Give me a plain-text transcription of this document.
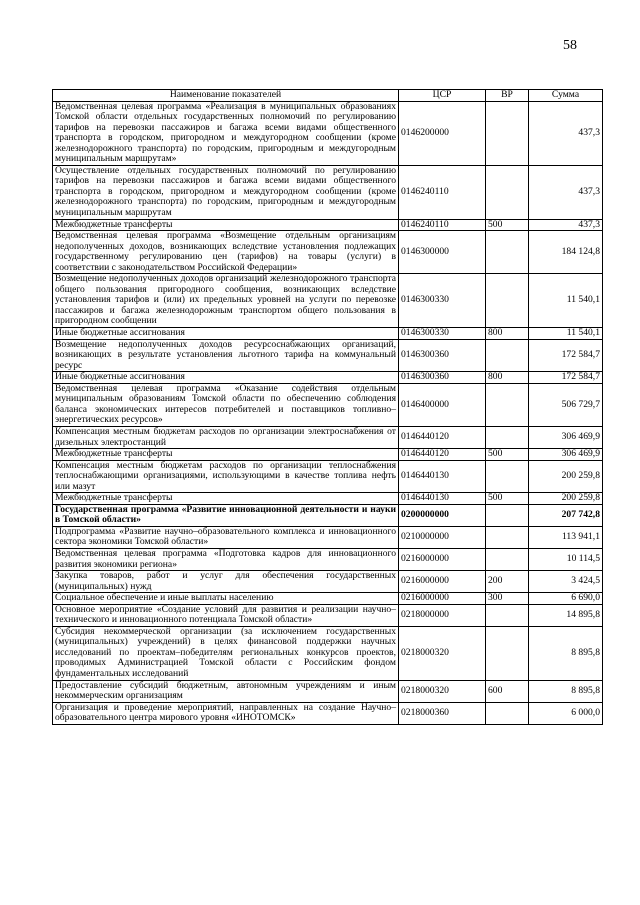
58
Наименование показателей	ЦСР	ВР	Сумма
Ведомственная целевая программа «Реализация в муниципальных образованиях Томской области отдельных государственных полномочий по регулированию тарифов на перевозки пассажиров и багажа всеми видами общественного транспорта в городском, пригородном и междугородном сообщении (кроме железнодорожного транспорта) по городским, пригородным и междугородным муниципальным маршрутам»	0146200000		437,3
Осуществление отдельных государственных полномочий по регулированию тарифов на перевозки пассажиров и багажа всеми видами общественного транспорта в городском, пригородном и междугородном сообщении (кроме железнодорожного транспорта) по городским, пригородным и междугородным муниципальным маршрутам	0146240110		437,3
Межбюджетные трансферты	0146240110	500	437,3
Ведомственная целевая программа «Возмещение отдельным организациям недополученных доходов, возникающих вследствие установления подлежащих государственному регулированию цен (тарифов) на товары (услуги) в соответствии с законодательством Российской Федерации»	0146300000		184 124,8
Возмещение недополученных доходов организаций железнодорожного транспорта общего пользования пригородного сообщения, возникающих вследствие установления тарифов и (или) их предельных уровней на услуги по перевозке пассажиров и багажа железнодорожным транспортом общего пользования в пригородном сообщении	0146300330		11 540,1
Иные бюджетные ассигнования	0146300330	800	11 540,1
Возмещение недополученных доходов ресурсоснабжающих организаций, возникающих в результате установления льготного тарифа на коммунальный ресурс	0146300360		172 584,7
Иные бюджетные ассигнования	0146300360	800	172 584,7
Ведомственная целевая программа «Оказание содействия отдельным муниципальным образованиям Томской области по обеспечению соблюдения баланса экономических интересов потребителей и поставщиков топливно–энергетических ресурсов»	0146400000		506 729,7
Компенсация местным бюджетам расходов по организации электроснабжения от дизельных электростанций	0146440120		306 469,9
Межбюджетные трансферты	0146440120	500	306 469,9
Компенсация местным бюджетам расходов по организации теплоснабжения теплоснабжающими организациями, использующими в качестве топлива нефть или мазут	0146440130		200 259,8
Межбюджетные трансферты	0146440130	500	200 259,8
Государственная программа «Развитие инновационной деятельности и науки в Томской области»	0200000000		207 742,8
Подпрограмма «Развитие научно–образовательного комплекса и инновационного сектора экономики Томской области»	0210000000		113 941,1
Ведомственная целевая программа «Подготовка кадров для инновационного развития экономики региона»	0216000000		10 114,5
Закупка товаров, работ и услуг для обеспечения государственных (муниципальных) нужд	0216000000	200	3 424,5
Социальное обеспечение и иные выплаты населению	0216000000	300	6 690,0
Основное мероприятие «Создание условий для развития и реализации научно–технического и инновационного потенциала Томской области»	0218000000		14 895,8
Субсидия некоммерческой организации (за исключением государственных (муниципальных) учреждений) в целях финансовой поддержки научных исследований по проектам–победителям региональных конкурсов проектов, проводимых Администрацией Томской области с Российским фондом фундаментальных исследований	0218000320		8 895,8
Предоставление субсидий бюджетным, автономным учреждениям и иным некоммерческим организациям	0218000320	600	8 895,8
Организация и проведение мероприятий, направленных на создание Научно–образовательного центра мирового уровня «ИНОТОМСК»	0218000360		6 000,0
